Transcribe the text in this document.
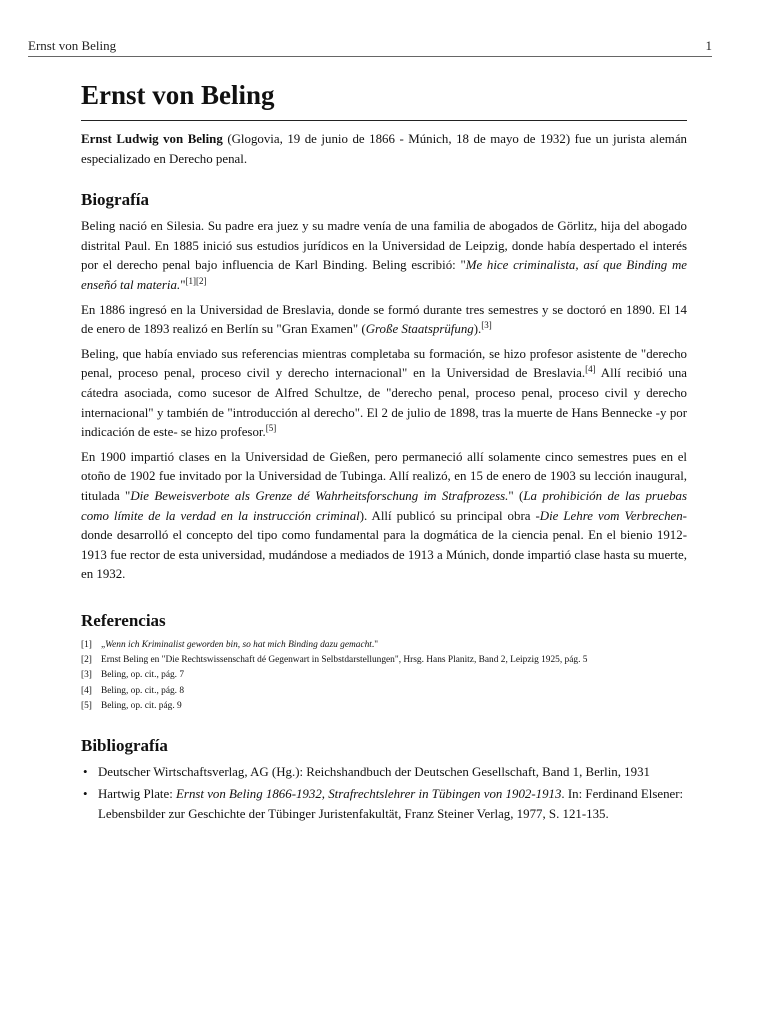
Ernst von Beling	1
Ernst von Beling

Ernst Ludwig von Beling (Glogovia, 19 de junio de 1866 - Múnich, 18 de mayo de 1932) fue un jurista alemán especializado en Derecho penal.

Biografía

Beling nació en Silesia. Su padre era juez y su madre venía de una familia de abogados de Görlitz, hija del abogado distrital Paul. En 1885 inició sus estudios jurídicos en la Universidad de Leipzig, donde había despertado el interés por el derecho penal bajo influencia de Karl Binding. Beling escribió: "Me hice criminalista, así que Binding me enseñó tal materia."[1][2]

En 1886 ingresó en la Universidad de Breslavia, donde se formó durante tres semestres y se doctoró en 1890. El 14 de enero de 1893 realizó en Berlín su "Gran Examen" (Große Staatsprüfung).[3]

Beling, que había enviado sus referencias mientras completaba su formación, se hizo profesor asistente de "derecho penal, proceso penal, proceso civil y derecho internacional" en la Universidad de Breslavia.[4] Allí recibió una cátedra asociada, como sucesor de Alfred Schultze, de "derecho penal, proceso penal, proceso civil y derecho internacional" y también de "introducción al derecho". El 2 de julio de 1898, tras la muerte de Hans Bennecke -y por indicación de este- se hizo profesor.[5]

En 1900 impartió clases en la Universidad de Gießen, pero permaneció allí solamente cinco semestres pues en el otoño de 1902 fue invitado por la Universidad de Tubinga. Allí realizó, en 15 de enero de 1903 su lección inaugural, titulada "Die Beweisverbote als Grenze dé Wahrheitsforschung im Strafprozess." (La prohibición de las pruebas como límite de la verdad en la instrucción criminal). Allí publicó su principal obra -Die Lehre vom Verbrechen- donde desarrolló el concepto del tipo como fundamental para la dogmática de la ciencia penal. En el bienio 1912-1913 fue rector de esta universidad, mudándose a mediados de 1913 a Múnich, donde impartió clase hasta su muerte, en 1932.

Referencias
[1] „Wenn ich Kriminalist geworden bin, so hat mich Binding dazu gemacht."
[2] Ernst Beling en "Die Rechtswissenschaft dé Gegenwart in Selbstdarstellungen", Hrsg. Hans Planitz, Band 2, Leipzig 1925, pág. 5
[3] Beling, op. cit., pág. 7
[4] Beling, op. cit., pág. 8
[5] Beling, op. cit. pág. 9
Bibliografía
• Deutscher Wirtschaftsverlag, AG (Hg.): Reichshandbuch der Deutschen Gesellschaft, Band 1, Berlin, 1931
• Hartwig Plate: Ernst von Beling 1866-1932, Strafrechtslehrer in Tübingen von 1902-1913. In: Ferdinand Elsener: Lebensbilder zur Geschichte der Tübinger Juristenfakultät, Franz Steiner Verlag, 1977, S. 121-135.
